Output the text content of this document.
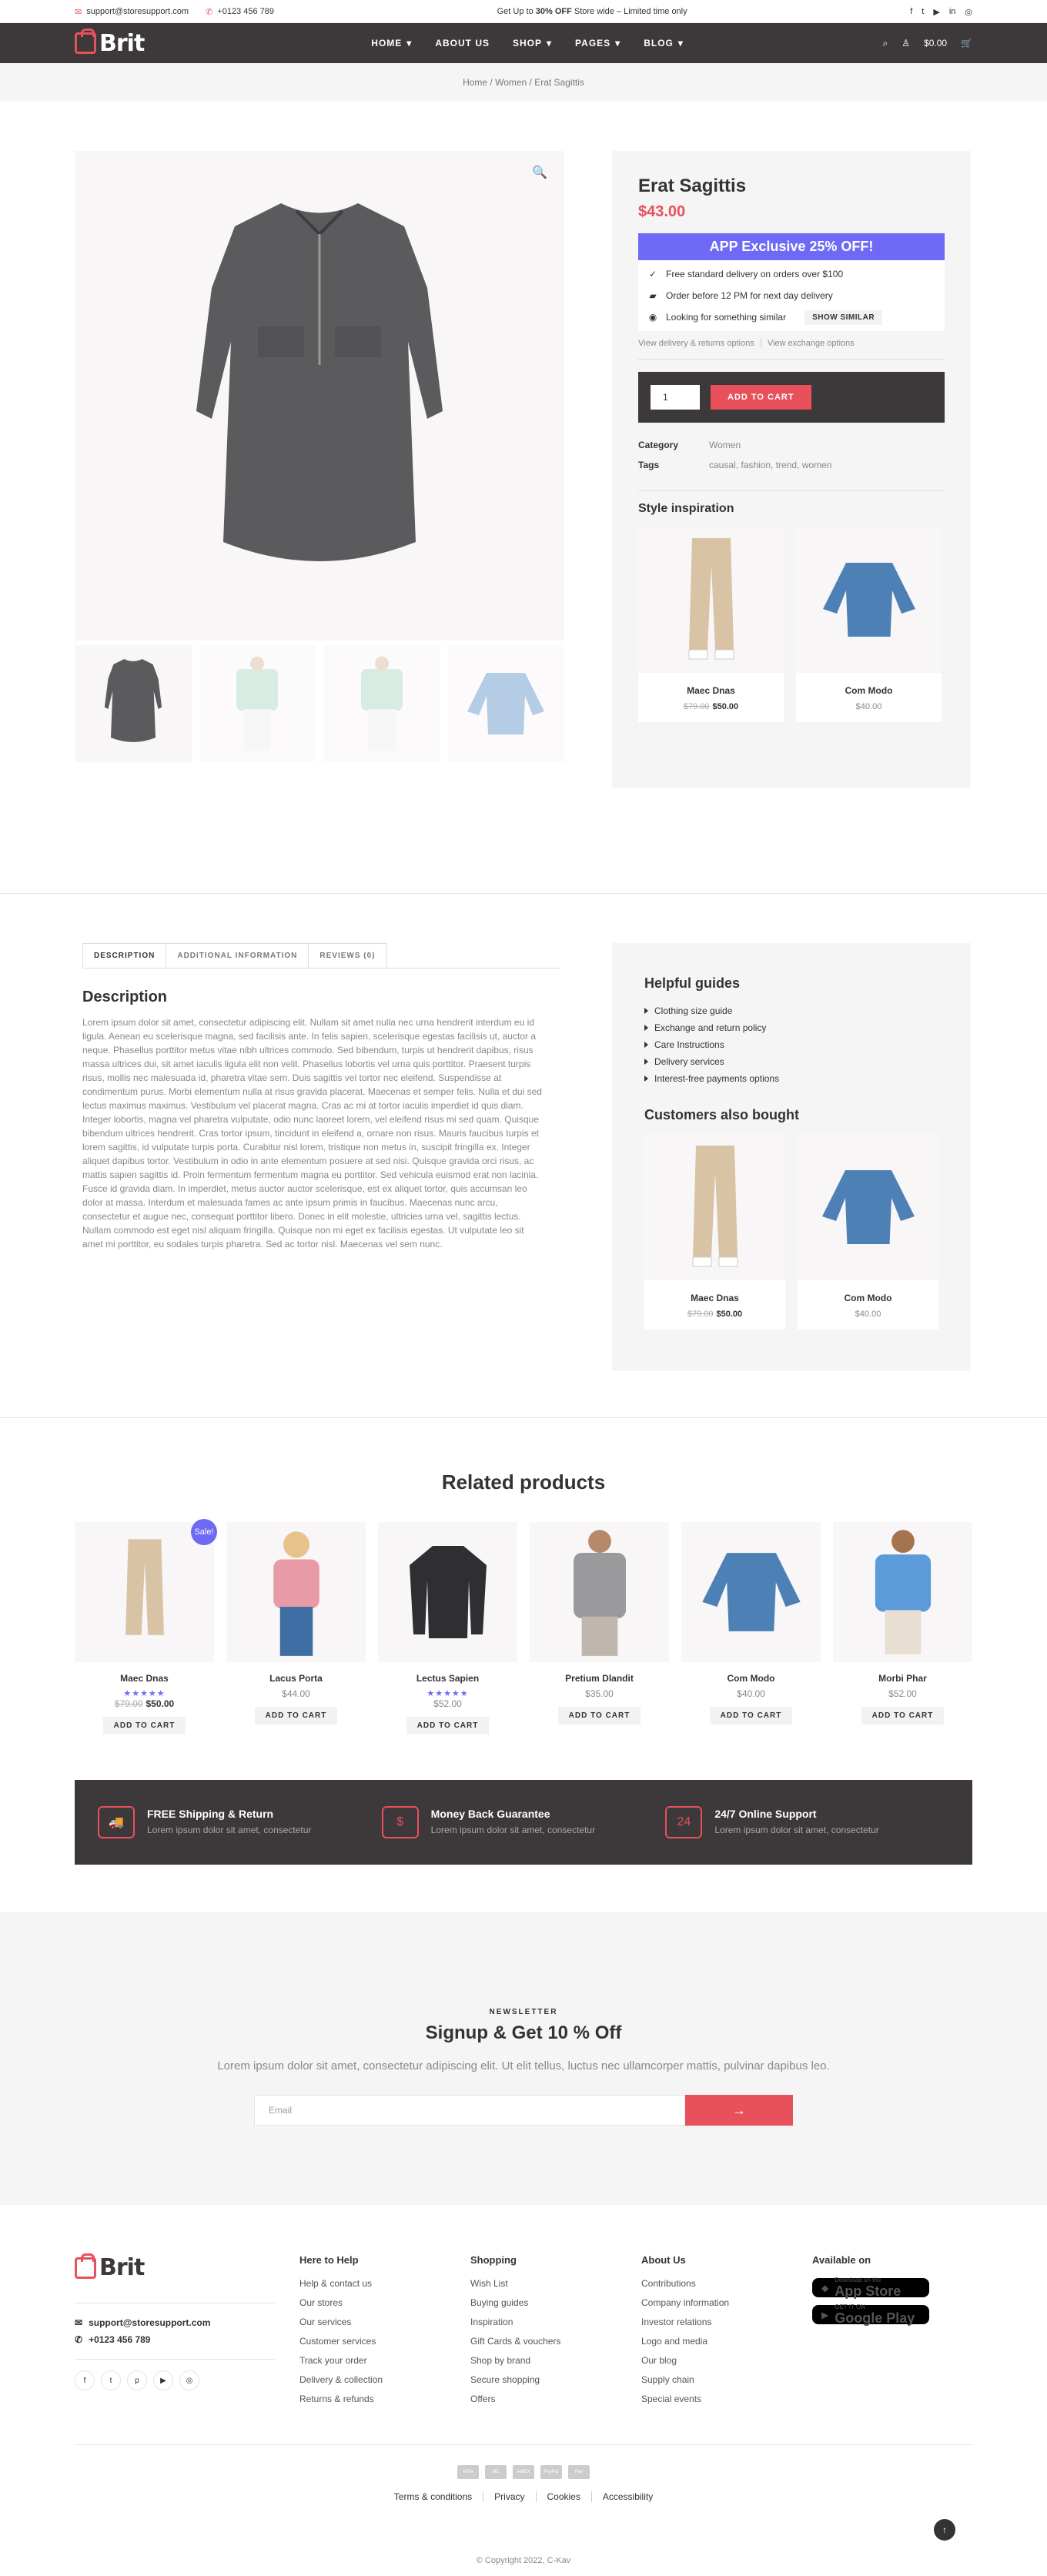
✉ support@storesupport.com ✆ +0123 456 789	Get Up to 30% OFF Store wide – Limited time only	f t ▶ in ◎
Brit	HOME ▾	ABOUT US	SHOP ▾	PAGES ▾	BLOG ▾	⌕ ♙ $0.00 🛒
Home / Women / Erat Sagittis
🔍
Erat Sagittis
$43.00
APP Exclusive 25% OFF!
✓ Free standard delivery on orders over $100
▰ Order before 12 PM for next day delivery
◉ Looking for something similar	SHOW SIMILAR
View delivery & returns options View exchange options
1	ADD TO CART
Category	Women
Tags	causal, fashion, trend, women
Style inspiration
Maec Dnas
$79.00 $50.00
Com Modo
$40.00
DESCRIPTION	ADDITIONAL INFORMATION	REVIEWS (0)
Description

Lorem ipsum dolor sit amet, consectetur adipiscing elit. Nullam sit amet nulla nec urna hendrerit interdum eu id ligula. Aenean eu scelerisque magna, sed facilisis ante. In felis sapien, scelerisque egestas facilisis ut, auctor a neque. Phasellus porttitor metus vitae nibh ultrices commodo. Sed bibendum, turpis ut hendrerit dapibus, risus massa ultrices dui, sit amet iaculis ligula elit non velit. Phasellus lobortis vel urna quis porttitor. Praesent turpis risus, mollis nec malesuada id, pharetra vitae sem. Duis sagittis vel tortor nec eleifend. Suspendisse at condimentum purus. Morbi elementum nulla at risus gravida placerat. Maecenas et semper felis. Nulla et dui sed lectus maximus maximus. Vestibulum vel placerat magna. Cras ac mi at tortor iaculis imperdiet id quis diam. Integer lobortis, magna vel pharetra vulputate, odio nunc laoreet lorem, vel eleifend risus mi sed quam. Quisque bibendum ultrices hendrerit. Cras tortor ipsum, tincidunt in eleifend a, ornare non risus. Mauris faucibus turpis et lorem sagittis, id vulputate turpis porta. Curabitur nisl lorem, tristique non metus in, suscipit fringilla ex. Integer aliquet dapibus tortor. Vestibulum in odio in ante elementum posuere at sed nisi. Quisque gravida orci risus, ac mattis sapien sagittis id. Proin fermentum fermentum magna eu porttitor. Sed vehicula euismod erat non lacinia. Fusce id gravida diam. In imperdiet, metus auctor auctor scelerisque, est ex aliquet tortor, quis accumsan leo dolor at massa. Interdum et malesuada fames ac ante ipsum primis in faucibus. Maecenas nunc arcu, consectetur et augue nec, consequat porttitor libero. Donec in elit molestie, ultricies urna vel, sagittis lectus. Nullam commodo est eget nisl aliquam fringilla. Quisque non mi eget ex facilisis egestas. Ut vulputate leo sit amet mi porttitor, eu sodales turpis pharetra. Sed ac tortor nisl. Maecenas vel sem nunc.

Helpful guides
Clothing size guide
Exchange and return policy
Care Instructions
Delivery services
Interest-free payments options
Customers also bought
Maec Dnas
$79.00 $50.00
Com Modo
$40.00
Related products
Sale!
Maec Dnas
★★★★★
$79.00 $50.00
ADD TO CART
Lacus Porta
$44.00
ADD TO CART
Lectus Sapien
★★★★★
$52.00
ADD TO CART
Pretium Dlandit
$35.00
ADD TO CART
Com Modo
$40.00
ADD TO CART
Morbi Phar
$52.00
ADD TO CART
🚚
FREE Shipping & Return
Lorem ipsum dolor sit amet, consectetur
$
Money Back Guarantee
Lorem ipsum dolor sit amet, consectetur
24
24/7 Online Support
Lorem ipsum dolor sit amet, consectetur
NEWSLETTER
Signup & Get 10 % Off

Lorem ipsum dolor sit amet, consectetur adipiscing elit. Ut elit tellus, luctus nec ullamcorper mattis, pulvinar dapibus leo.

Email	→
Brit
✉ support@storesupport.com
✆ +0123 456 789
f	t	p	▶	◎
Here to Help
Help & contact us
Our stores
Our services
Customer services
Track your order
Delivery & collection
Returns & refunds
Shopping
Wish List
Buying guides
Inspiration
Gift Cards & vouchers
Shop by brand
Secure shopping
Offers
About Us
Contributions
Company information
Investor relations
Logo and media
Our blog
Supply chain
Special events
Available on
◆
Download on the
App Store
▶
GET IT ON
Google Play
VISA	MC	AMEX	PayPal	Pay
Terms & conditions	Privacy	Cookies	Accessibility
↑
© Copyright 2022, C-Kav
